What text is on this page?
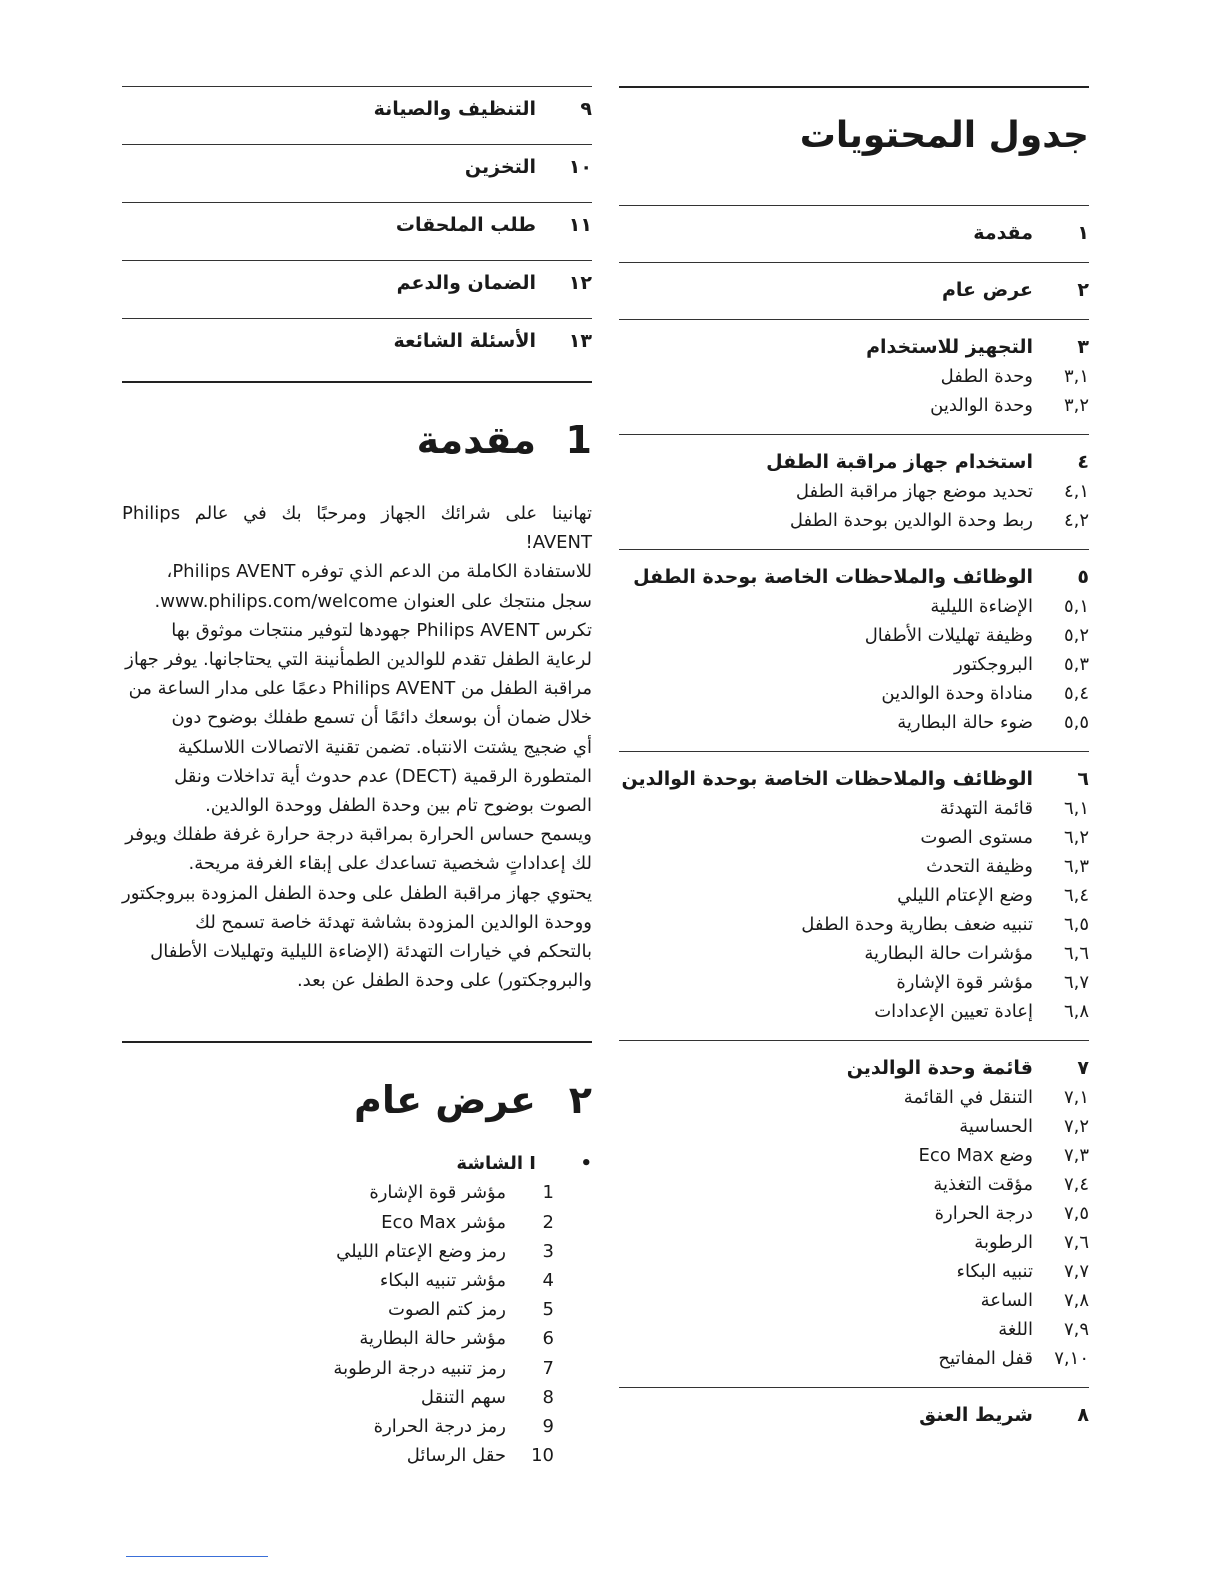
جدول المحتويات
١
مقدمة
٢
عرض عام
٣
التجهيز للاستخدام
٣,١
وحدة الطفل
٣,٢
وحدة الوالدين
٤
استخدام جهاز مراقبة الطفل
٤,١
تحديد موضع جهاز مراقبة الطفل
٤,٢
ربط وحدة الوالدين بوحدة الطفل
٥
الوظائف والملاحظات الخاصة بوحدة الطفل
٥,١
الإضاءة الليلية
٥,٢
وظيفة تهليلات الأطفال
٥,٣
البروجكتور
٥,٤
مناداة وحدة الوالدين
٥,٥
ضوء حالة البطارية
٦
الوظائف والملاحظات الخاصة بوحدة الوالدين
٦,١
قائمة التهدئة
٦,٢
مستوى الصوت
٦,٣
وظيفة التحدث
٦,٤
وضع الإعتام الليلي
٦,٥
تنبيه ضعف بطارية وحدة الطفل
٦,٦
مؤشرات حالة البطارية
٦,٧
مؤشر قوة الإشارة
٦,٨
إعادة تعيين الإعدادات
٧
قائمة وحدة الوالدين
٧,١
التنقل في القائمة
٧,٢
الحساسية
٧,٣
وضع Eco Max
٧,٤
مؤقت التغذية
٧,٥
درجة الحرارة
٧,٦
الرطوبة
٧,٧
تنبيه البكاء
٧,٨
الساعة
٧,٩
اللغة
٧,١٠
قفل المفاتيح
٨
شريط العنق
٩
التنظيف والصيانة
١٠
التخزين
١١
طلب الملحقات
١٢
الضمان والدعم
١٣
الأسئلة الشائعة
1
مقدمة

تهانينا على شرائك الجهاز ومرحبًا بك في عالم Philips AVENT!

للاستفادة الكاملة من الدعم الذي توفره Philips AVENT،

سجل منتجك على العنوان www.philips.com/welcome.

تكرس Philips AVENT جهودها لتوفير منتجات موثوق بها

لرعاية الطفل تقدم للوالدين الطمأنينة التي يحتاجانها. يوفر جهاز

مراقبة الطفل من Philips AVENT دعمًا على مدار الساعة من

خلال ضمان أن بوسعك دائمًا أن تسمع طفلك بوضوح دون

أي ضجيج يشتت الانتباه. تضمن تقنية الاتصالات اللاسلكية

المتطورة الرقمية (DECT) عدم حدوث أية تداخلات ونقل

الصوت بوضوح تام بين وحدة الطفل ووحدة الوالدين.

ويسمح حساس الحرارة بمراقبة درجة حرارة غرفة طفلك ويوفر

لك إعداداتٍ شخصية تساعدك على إبقاء الغرفة مريحة.

يحتوي جهاز مراقبة الطفل على وحدة الطفل المزودة ببروجكتور

ووحدة الوالدين المزودة بشاشة تهدئة خاصة تسمح لك

بالتحكم في خيارات التهدئة (الإضاءة الليلية وتهليلات الأطفال

والبروجكتور) على وحدة الطفل عن بعد.

٢
عرض عام
•
I الشاشة
1
مؤشر قوة الإشارة
2
مؤشر Eco Max
3
رمز وضع الإعتام الليلي
4
مؤشر تنبيه البكاء
5
رمز كتم الصوت
6
مؤشر حالة البطارية
7
رمز تنبيه درجة الرطوبة
8
سهم التنقل
9
رمز درجة الحرارة
10
حقل الرسائل
